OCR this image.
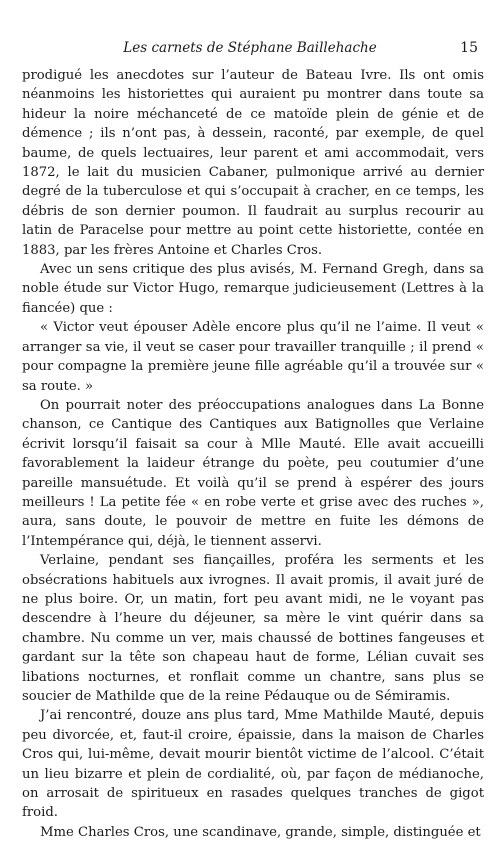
Les carnets de Stéphane Baillehache	15

prodigué les anecdotes sur l’auteur de Bateau Ivre. Ils ont omis néanmoins les historiettes qui auraient pu montrer dans toute sa hideur la noire méchanceté de ce matoïde plein de génie et de démence ; ils n’ont pas, à dessein, raconté, par exemple, de quel baume, de quels lectuaires, leur parent et ami accommodait, vers 1872, le lait du musicien Cabaner, pulmonique arrivé au dernier degré de la tuberculose et qui s’occupait à cracher, en ce temps, les débris de son dernier poumon. Il faudrait au surplus recourir au latin de Paracelse pour mettre au point cette historiette, contée en 1883, par les frères Antoine et Charles Cros.

Avec un sens critique des plus avisés, M. Fernand Gregh, dans sa noble étude sur Victor Hugo, remarque judicieusement (Lettres à la fiancée) que :

« Victor veut épouser Adèle encore plus qu’il ne l’aime. Il veut « arranger sa vie, il veut se caser pour travailler tranquille ; il prend « pour compagne la première jeune fille agréable qu’il a trouvée sur « sa route. »

On pourrait noter des préoccupations analogues dans La Bonne chanson, ce Cantique des Cantiques aux Batignolles que Verlaine écrivit lorsqu’il faisait sa cour à Mlle Mauté. Elle avait accueilli favorablement la laideur étrange du poète, peu coutumier d’une pareille mansuétude. Et voilà qu’il se prend à espérer des jours meilleurs ! La petite fée « en robe verte et grise avec des ruches », aura, sans doute, le pouvoir de mettre en fuite les démons de l’Intempérance qui, déjà, le tiennent asservi.

Verlaine, pendant ses fiançailles, proféra les serments et les obsécrations habituels aux ivrognes. Il avait promis, il avait juré de ne plus boire. Or, un matin, fort peu avant midi, ne le voyant pas descendre à l’heure du déjeuner, sa mère le vint quérir dans sa chambre. Nu comme un ver, mais chaussé de bottines fangeuses et gardant sur la tête son chapeau haut de forme, Lélian cuvait ses libations nocturnes, et ronflait comme un chantre, sans plus se soucier de Mathilde que de la reine Pédauque ou de Sémiramis.

J’ai rencontré, douze ans plus tard, Mme Mathilde Mauté, depuis peu divorcée, et, faut-il croire, épaissie, dans la maison de Charles Cros qui, lui-même, devait mourir bientôt victime de l’alcool. C’était un lieu bizarre et plein de cordialité, où, par façon de médianoche, on arrosait de spiritueux en rasades quelques tranches de gigot froid.

Mme Charles Cros, une scandinave, grande, simple, distinguée et
